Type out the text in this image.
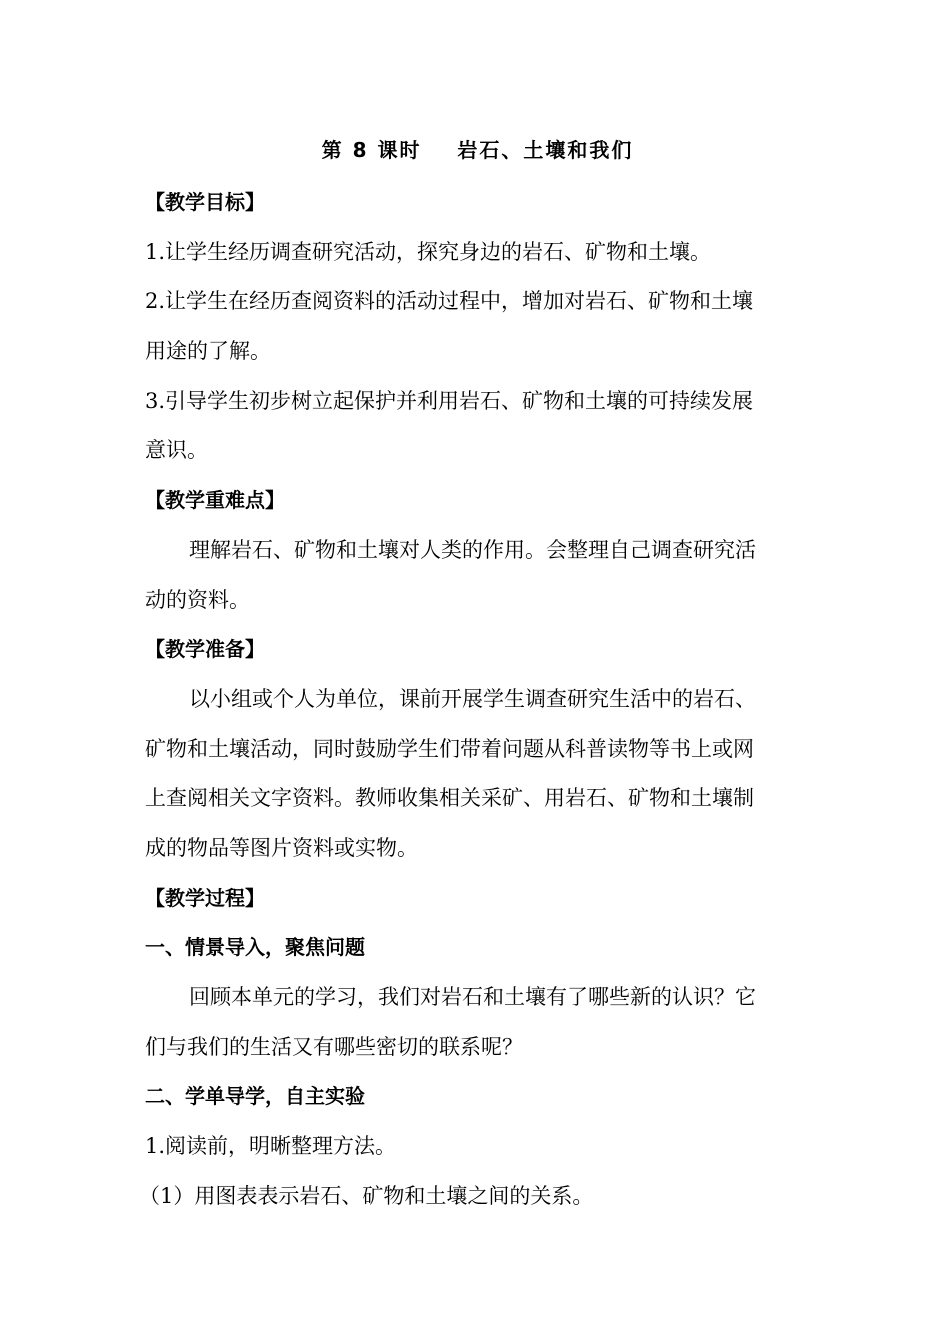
第 8 课时    岩石、土壤和我们
【教学目标】
1.让学生经历调查研究活动，探究身边的岩石、矿物和土壤。
2.让学生在经历查阅资料的活动过程中，增加对岩石、矿物和土壤
用途的了解。
3.引导学生初步树立起保护并利用岩石、矿物和土壤的可持续发展
意识。
【教学重难点】
理解岩石、矿物和土壤对人类的作用。会整理自己调查研究活
动的资料。
【教学准备】
以小组或个人为单位，课前开展学生调查研究生活中的岩石、
矿物和土壤活动，同时鼓励学生们带着问题从科普读物等书上或网
上查阅相关文字资料。教师收集相关采矿、用岩石、矿物和土壤制
成的物品等图片资料或实物。
【教学过程】
一、情景导入，聚焦问题
回顾本单元的学习，我们对岩石和土壤有了哪些新的认识？它
们与我们的生活又有哪些密切的联系呢？
二、学单导学，自主实验
1.阅读前，明晰整理方法。
（1）用图表表示岩石、矿物和土壤之间的关系。
